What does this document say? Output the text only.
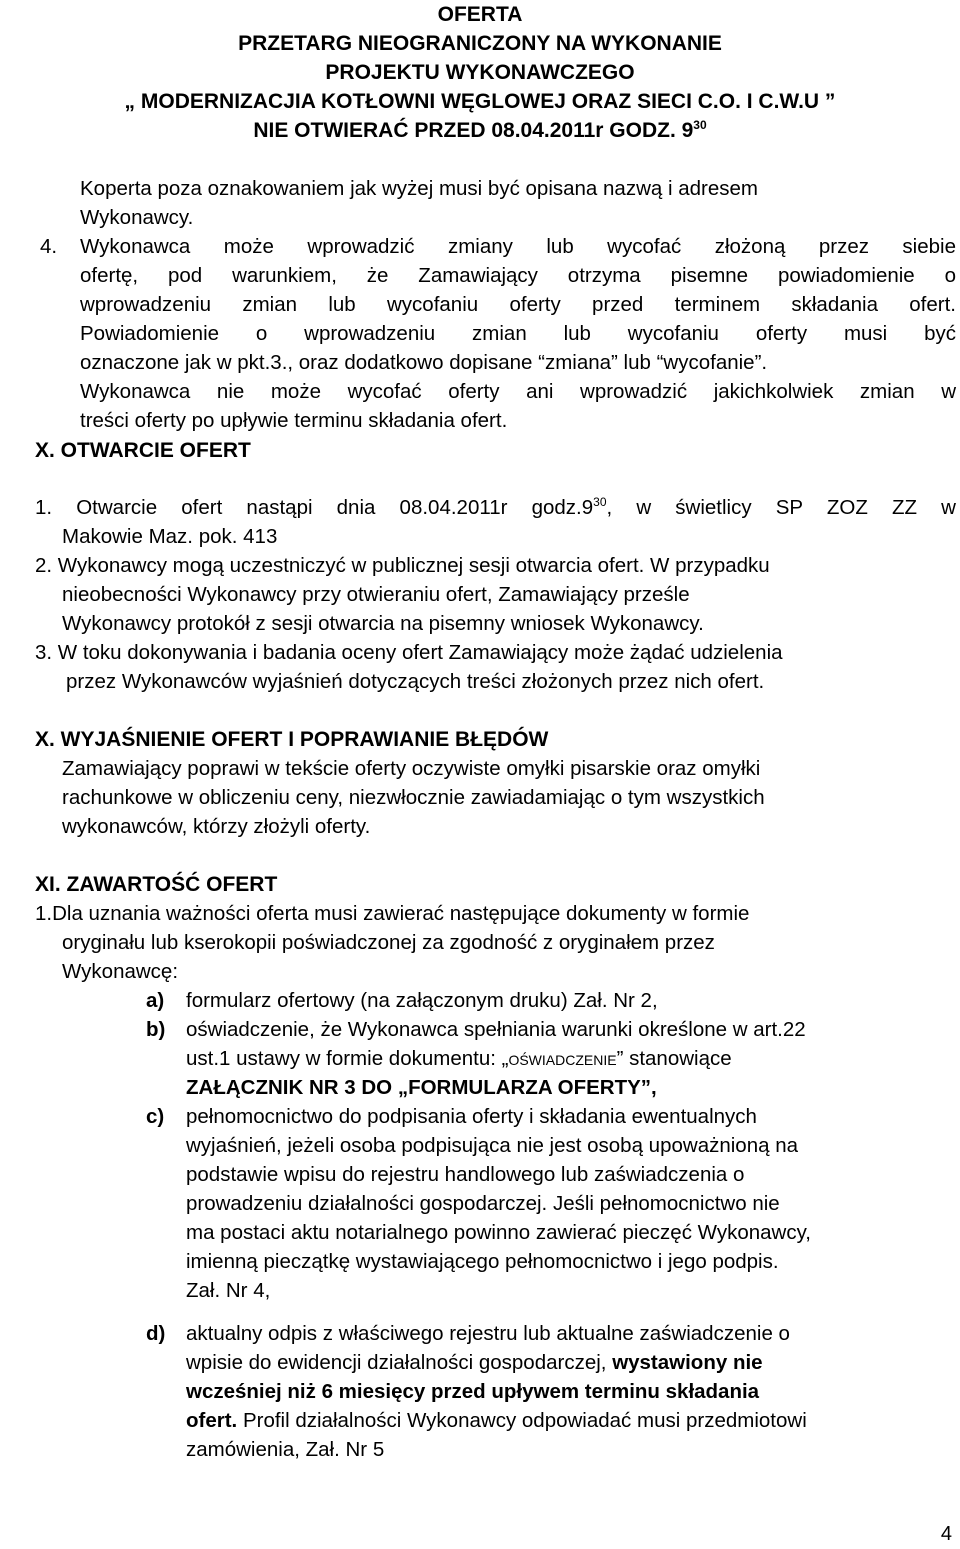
OFERTA
PRZETARG NIEOGRANICZONY NA WYKONANIE
PROJEKTU WYKONAWCZEGO
„ MODERNIZACJIA KOTŁOWNI WĘGLOWEJ ORAZ SIECI C.O. I C.W.U ”
NIE OTWIERAĆ PRZED 08.04.2011r GODZ. $9^{30}$
Koperta poza oznakowaniem jak wyżej musi być opisana nazwą i adresem
Wykonawcy.
4. Wykonawca może wprowadzić zmiany lub wycofać złożoną przez siebie
ofertę, pod warunkiem, że Zamawiający otrzyma pisemne powiadomienie o
wprowadzeniu zmian lub wycofaniu oferty przed terminem składania ofert.
Powiadomienie o wprowadzeniu zmian lub wycofaniu oferty musi być
oznaczone jak w pkt.3., oraz dodatkowo dopisane “zmiana” lub “wycofanie”.
Wykonawca nie może wycofać oferty ani wprowadzić jakichkolwiek zmian w
treści oferty po upływie terminu składania ofert.
X. OTWARCIE OFERT
1. Otwarcie ofert nastąpi dnia 08.04.2011r $godz.9^{30}$, w świetlicy SP ZOZ ZZ w
Makowie Maz. pok. 413
2. Wykonawcy mogą uczestniczyć w publicznej sesji otwarcia ofert. W przypadku
nieobecności Wykonawcy przy otwieraniu ofert, Zamawiający prześle
Wykonawcy protokół z sesji otwarcia na pisemny wniosek Wykonawcy.
3. W toku dokonywania i badania oceny ofert Zamawiający może żądać udzielenia
przez Wykonawców wyjaśnień dotyczących treści złożonych przez nich ofert.
X. WYJAŚNIENIE OFERT I POPRAWIANIE BŁĘDÓW
Zamawiający poprawi w tekście oferty oczywiste omyłki pisarskie oraz omyłki
rachunkowe w obliczeniu ceny, niezwłocznie zawiadamiając o tym wszystkich
wykonawców, którzy złożyli oferty.
XI. ZAWARTOŚĆ OFERT
1.Dla uznania ważności oferta musi zawierać następujące dokumenty w formie
oryginału lub kserokopii poświadczonej za zgodność z oryginałem przez
Wykonawcę:
a) formularz ofertowy (na załączonym druku) Zał. Nr 2,
b) oświadczenie, że Wykonawca spełniania warunki określone w art.22
ust.1 ustawy w formie dokumentu: „OŚWIADCZENIE” stanowiące
ZAŁĄCZNIK NR 3 DO „FORMULARZA OFERTY”,
c) pełnomocnictwo do podpisania oferty i składania ewentualnych
wyjaśnień, jeżeli osoba podpisująca nie jest osobą upoważnioną na
podstawie wpisu do rejestru handlowego lub zaświadczenia o
prowadzeniu działalności gospodarczej. Jeśli pełnomocnictwo nie
ma postaci aktu notarialnego powinno zawierać pieczęć Wykonawcy,
imienną pieczątkę wystawiającego pełnomocnictwo i jego podpis.
Zał. Nr 4,
d) aktualny odpis z właściwego rejestru lub aktualne zaświadczenie o
wpisie do ewidencji działalności gospodarczej, wystawiony nie
wcześniej niż 6 miesięcy przed upływem terminu składania
ofert. Profil działalności Wykonawcy odpowiadać musi przedmiotowi
zamówienia, Zał. Nr 5
4
